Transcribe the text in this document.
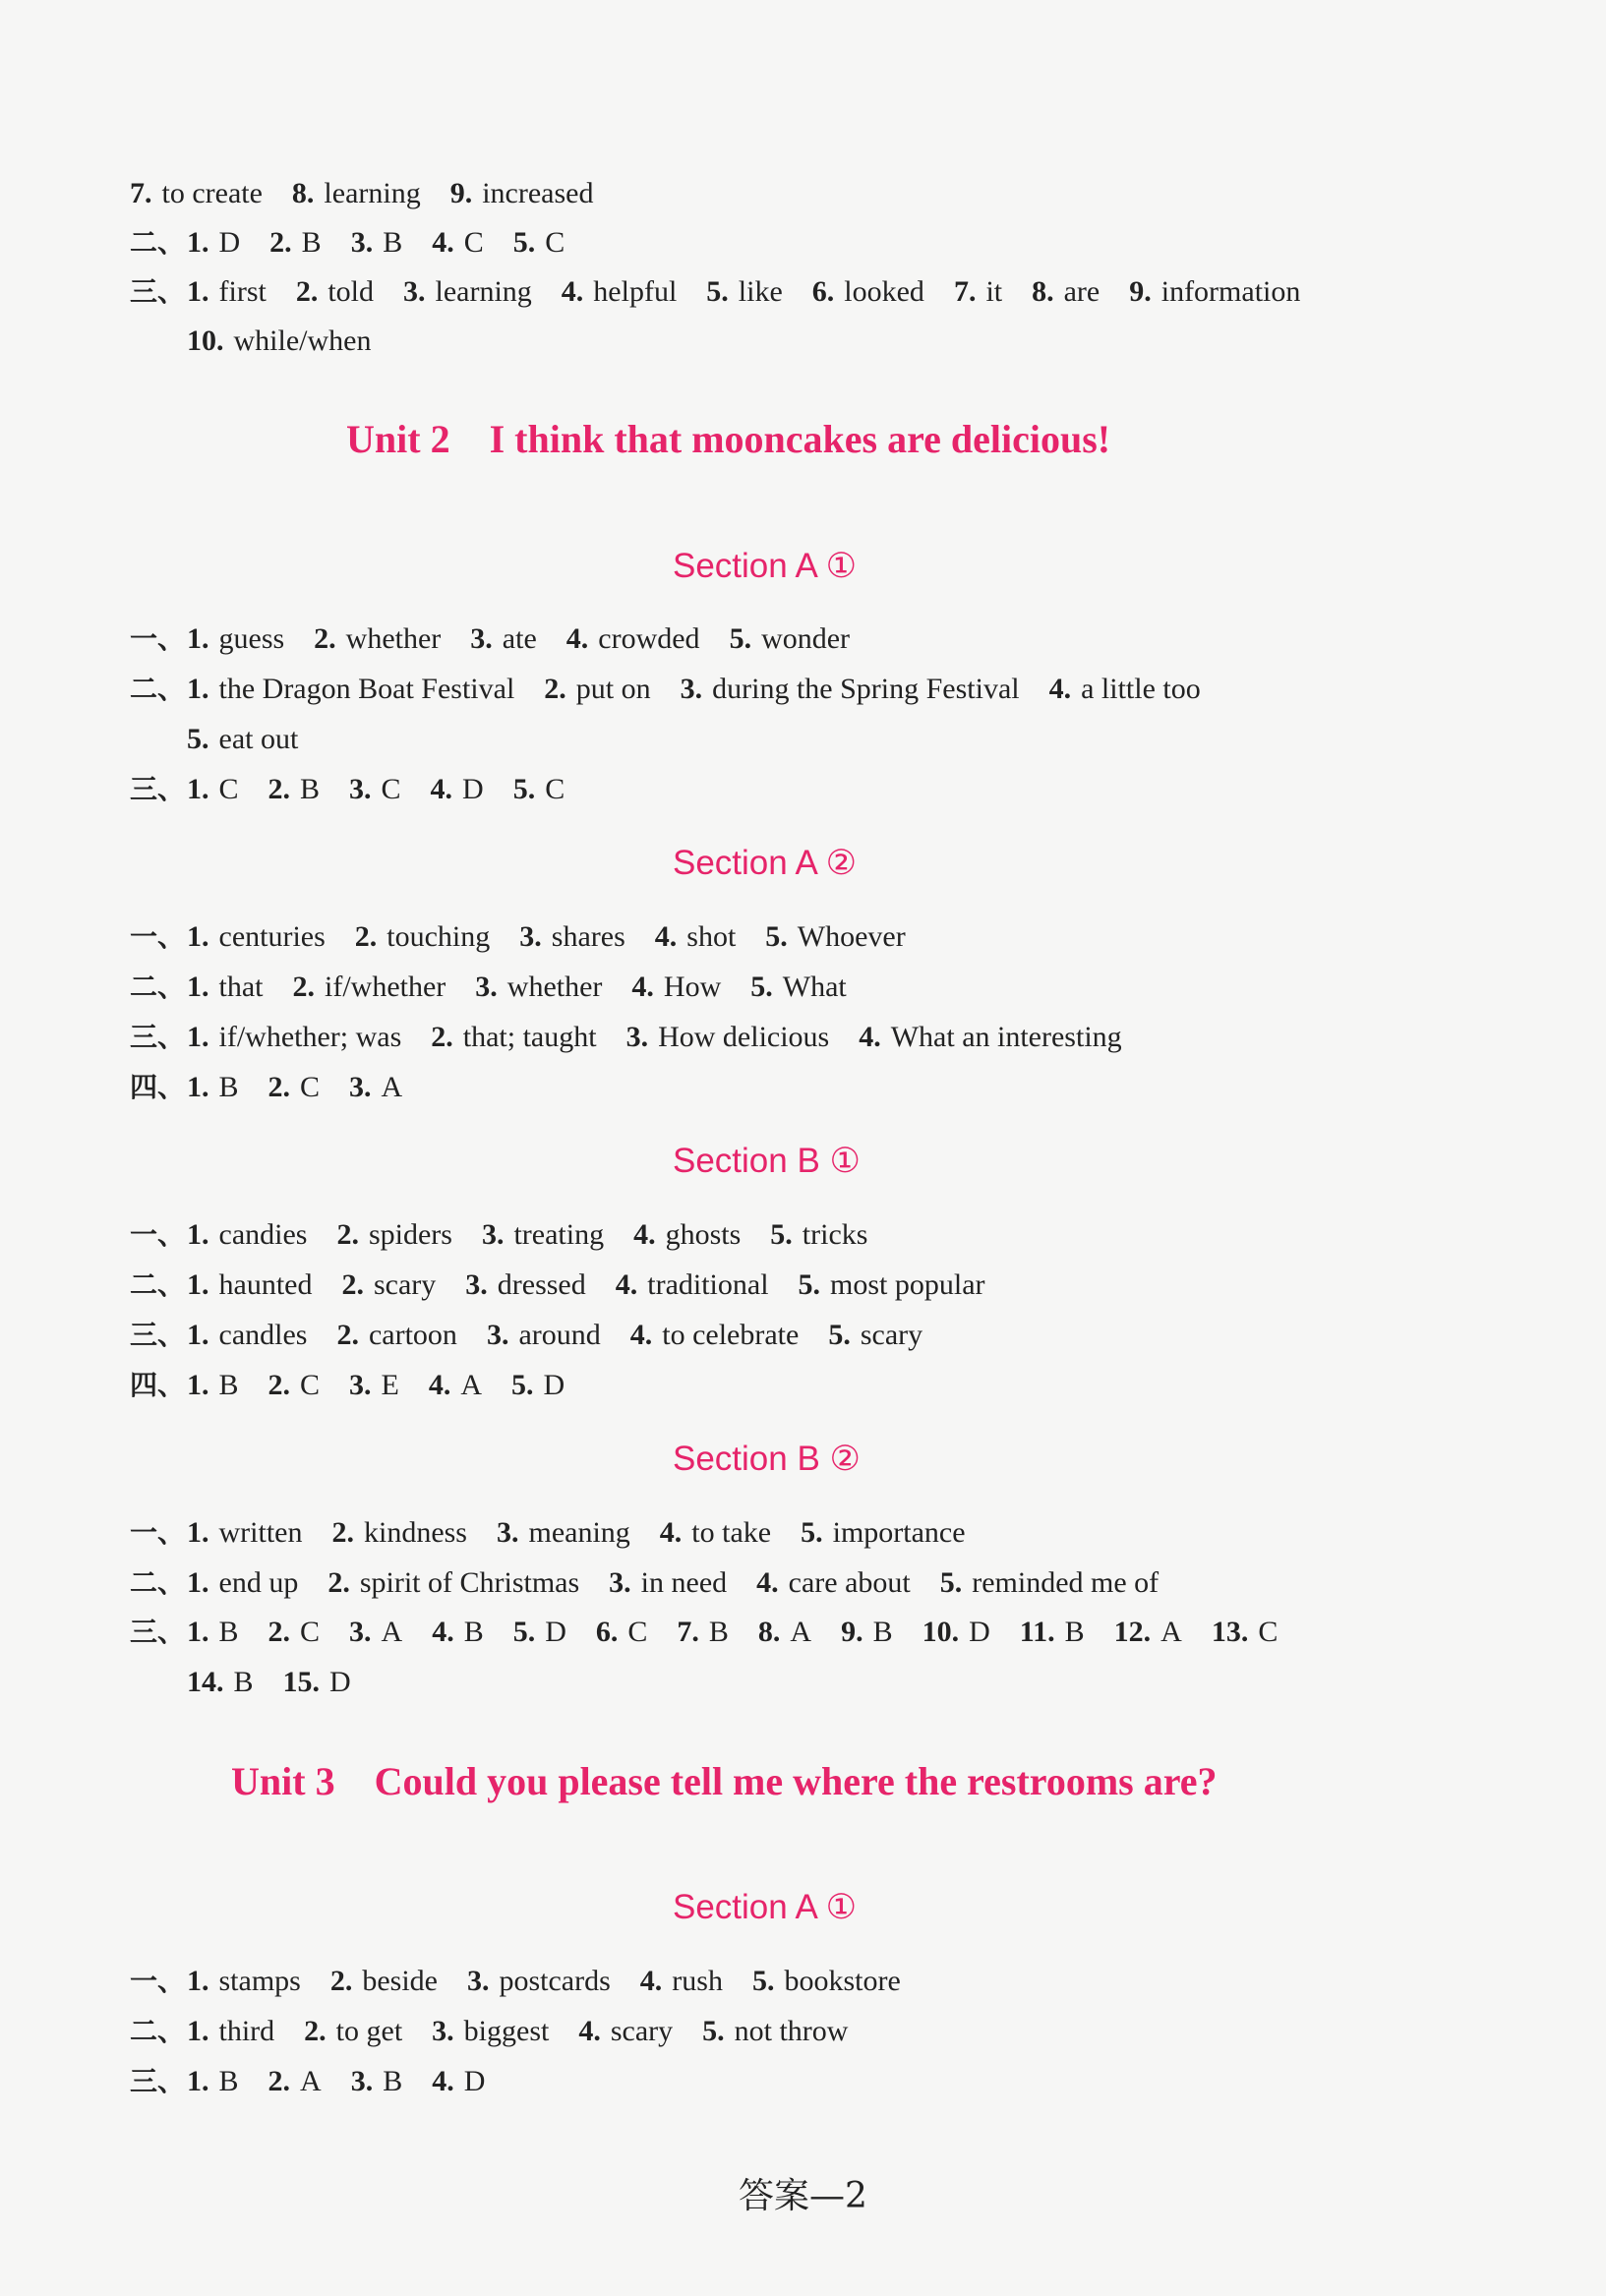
7. to create 8. learning 9. increased
二、1. D 2. B 3. B 4. C 5. C
三、1. first 2. told 3. learning 4. helpful 5. like 6. looked 7. it 8. are 9. information
10. while/when
Unit 2 I think that mooncakes are delicious!
Section A ①
一、1. guess 2. whether 3. ate 4. crowded 5. wonder
二、1. the Dragon Boat Festival 2. put on 3. during the Spring Festival 4. a little too
5. eat out
三、1. C 2. B 3. C 4. D 5. C
Section A ②
一、1. centuries 2. touching 3. shares 4. shot 5. Whoever
二、1. that 2. if/whether 3. whether 4. How 5. What
三、1. if/whether; was 2. that; taught 3. How delicious 4. What an interesting
四、1. B 2. C 3. A
Section B ①
一、1. candies 2. spiders 3. treating 4. ghosts 5. tricks
二、1. haunted 2. scary 3. dressed 4. traditional 5. most popular
三、1. candles 2. cartoon 3. around 4. to celebrate 5. scary
四、1. B 2. C 3. E 4. A 5. D
Section B ②
一、1. written 2. kindness 3. meaning 4. to take 5. importance
二、1. end up 2. spirit of Christmas 3. in need 4. care about 5. reminded me of
三、1. B 2. C 3. A 4. B 5. D 6. C 7. B 8. A 9. B 10. D 11. B 12. A 13. C
14. B 15. D
Unit 3 Could you please tell me where the restrooms are?
Section A ①
一、1. stamps 2. beside 3. postcards 4. rush 5. bookstore
二、1. third 2. to get 3. biggest 4. scary 5. not throw
三、1. B 2. A 3. B 4. D
答案—2
